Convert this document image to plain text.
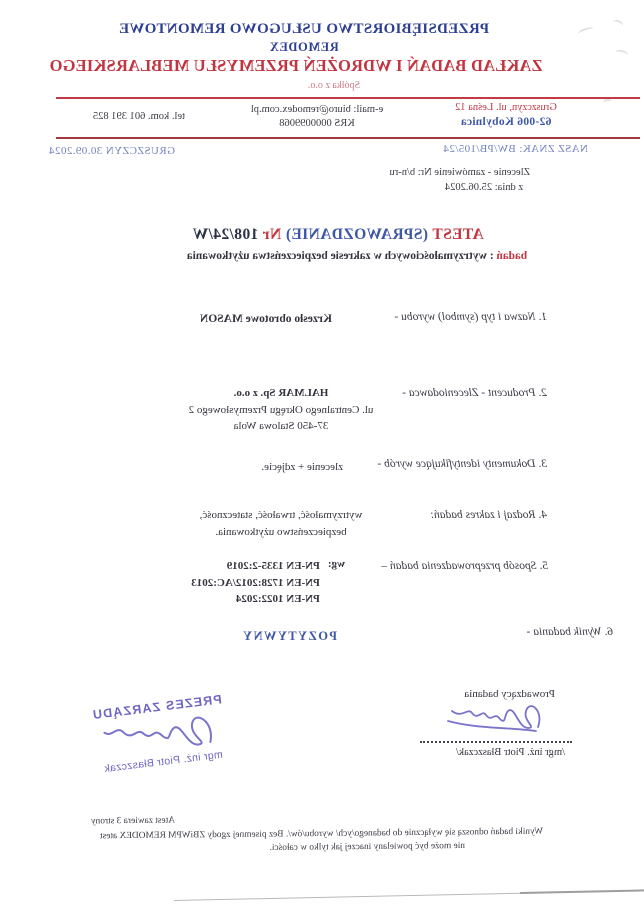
PRZEDSIĘBIORSTWO USŁUGOWO REMONTOWE
REMODEX
ZAKŁAD BADAŃ I WDROŻEŃ PRZEMYSŁU MEBLARSKIEGO
Spółka z o.o.
Gruszczyn, ul. Leśna 12
62-006 Kobylnica
e-mail: biuro@remodex.com.pl
KRS 0000099068
tel. kom. 601 391 825
NASZ ZNAK: BW/PB/105/24
GRUSZCZYN 30.09.2024
Zlecenie - zamówienie Nr: b/n-ru
z dnia: 25.06.2024
ATEST (SPRAWOZDANIE) Nr 108/24/W
badań : wytrzymałościowych w zakresie bezpieczeństwa użytkowania
1. Nazwa i typ (symbol) wyrobu -
Krzesło obrotowe MASON
2. Producent - Zleceniodawca -
HALMAR Sp. z o.o.
ul. Centralnego Okręgu Przemysłowego 2
37-450 Stalowa Wola
3. Dokumenty identyfikujące wyrób -
zlecenie + zdjęcie.
4. Rodzaj i zakres badań:
wytrzymałość, trwałość, stateczność,
bezpieczeństwo użytkowania.
5. Sposób przeprowadzenia badań –
wg:
PN-EN 1335-2:2019
PN-EN 1728:2012/AC:2013
PN-EN 1022:2024
6. Wynik badania -
POZYTYWNY
Prowadzący badania
/mgr inż. Piotr Błaszczak/
PREZES ZARZĄDU
mgr inż. Piotr Błaszczak
Atest zawiera 3 strony
Wyniki badań odnoszą się wyłącznie do badanego/ych/ wyrobu/ów/. Bez pisemnej zgody ZBiWPM REMODEX atest
nie może być powielany inaczej jak tylko w całości.
